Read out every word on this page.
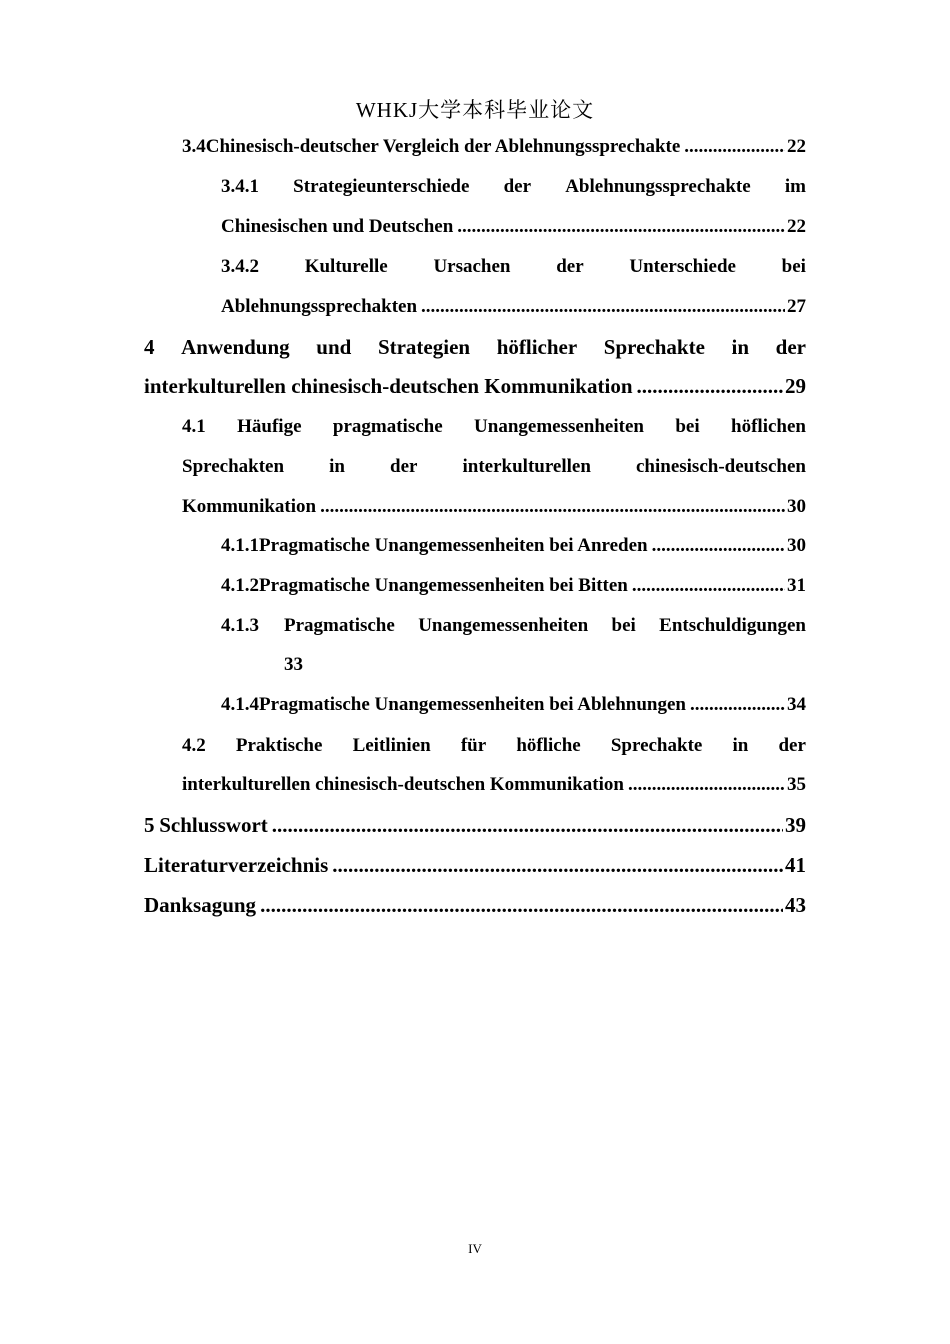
WHKJ大学本科毕业论文
3.4 Chinesisch-deutscher Vergleich der Ablehnungssprechakte .....	22
3.4.1 Strategieunterschiede der Ablehnungssprechakte im
Chinesischen und Deutschen .....	22
3.4.2 Kulturelle Ursachen der Unterschiede bei
Ablehnungssprechakten .....	27
4 Anwendung und Strategien höflicher Sprechakte in der
interkulturellen chinesisch-deutschen Kommunikation .....	29
4.1 Häufige pragmatische Unangemessenheiten bei höflichen
Sprechakten in der interkulturellen chinesisch-deutschen
Kommunikation .....	30
4.1.1 Pragmatische Unangemessenheiten bei Anreden .....	30
4.1.2 Pragmatische Unangemessenheiten bei Bitten .....	31
4.1.3	Pragmatische Unangemessenheiten bei Entschuldigungen
33
4.1.4 Pragmatische Unangemessenheiten bei Ablehnungen .....	34
4.2 Praktische Leitlinien für höfliche Sprechakte in der
interkulturellen chinesisch-deutschen Kommunikation .....	35
5 Schlusswort .....	39
Literaturverzeichnis .....	41
Danksagung .....	43
IV
